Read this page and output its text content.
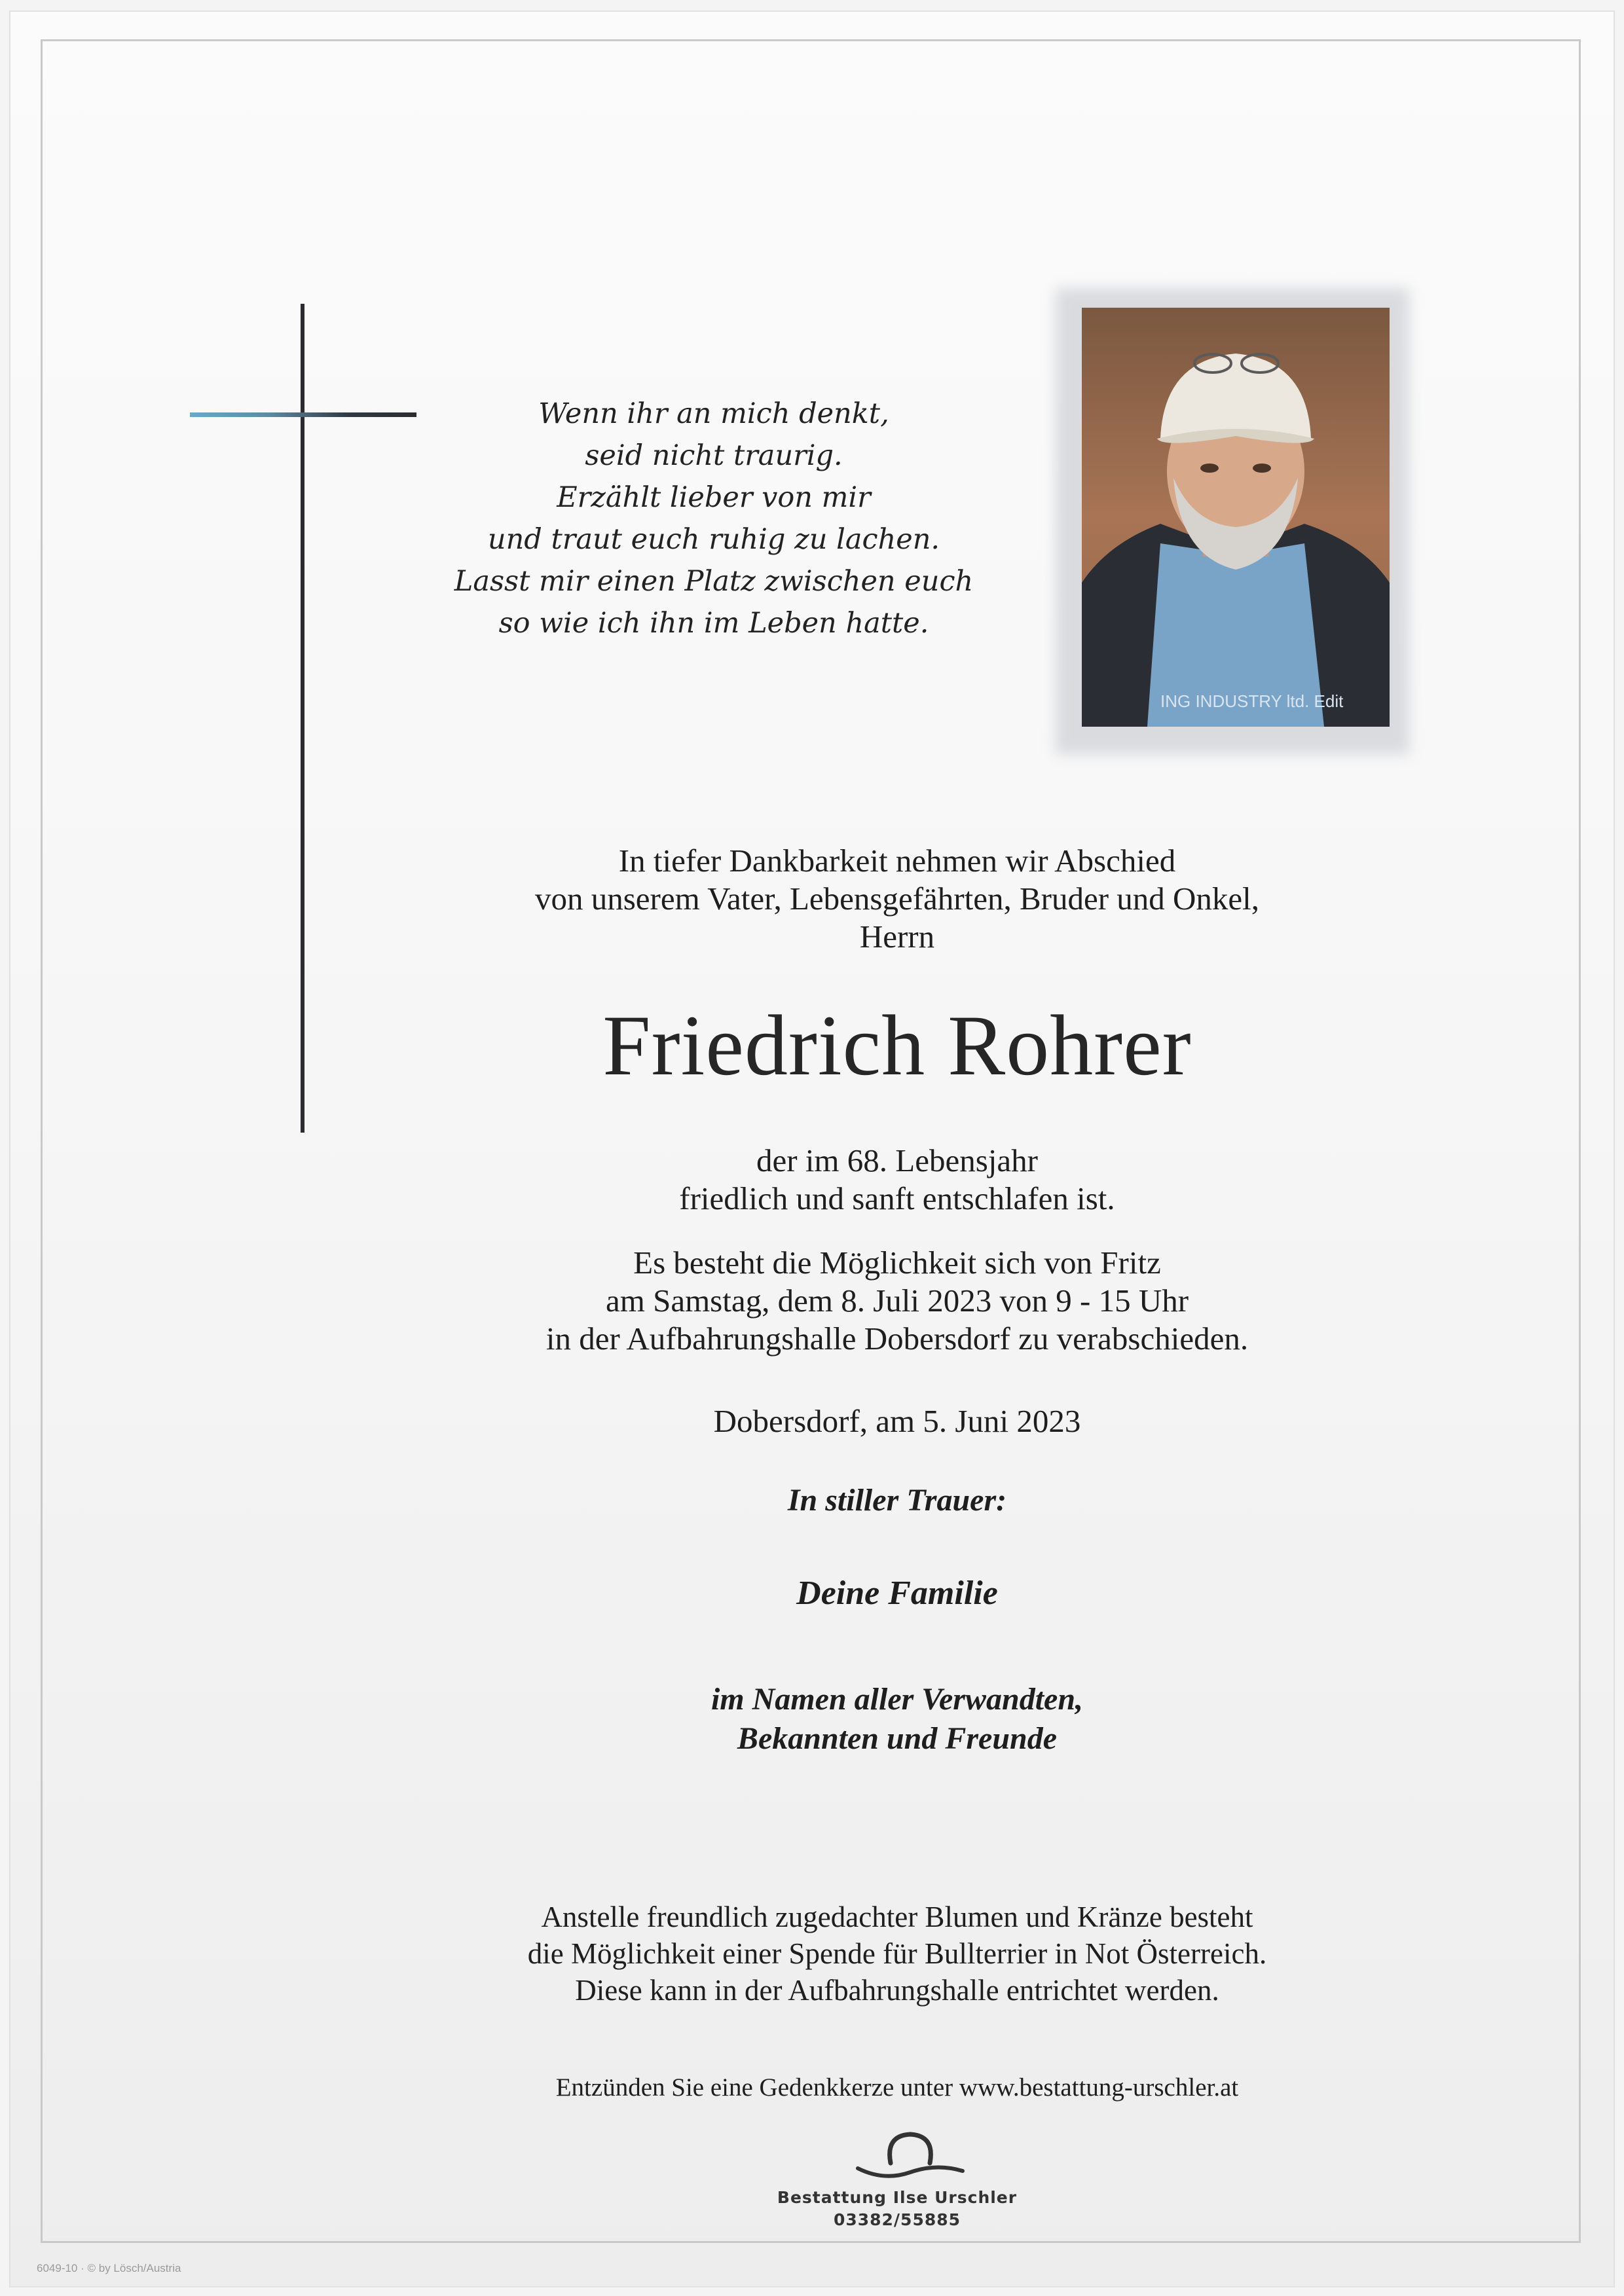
Wenn ihr an mich denkt,
seid nicht traurig.
Erzählt lieber von mir
und traut euch ruhig zu lachen.
Lasst mir einen Platz zwischen euch
so wie ich ihn im Leben hatte.
ING INDUSTRY ltd. Edit
In tiefer Dankbarkeit nehmen wir Abschied
von unserem Vater, Lebensgefährten, Bruder und Onkel,
Herrn
Friedrich Rohrer
der im 68. Lebensjahr
friedlich und sanft entschlafen ist.
Es besteht die Möglichkeit sich von Fritz
am Samstag, dem 8. Juli 2023 von 9 - 15 Uhr
in der Aufbahrungshalle Dobersdorf zu verabschieden.
Dobersdorf, am 5. Juni 2023
In stiller Trauer:
Deine Familie
im Namen aller Verwandten,
Bekannten und Freunde
Anstelle freundlich zugedachter Blumen und Kränze besteht
die Möglichkeit einer Spende für Bullterrier in Not Österreich.
Diese kann in der Aufbahrungshalle entrichtet werden.
Entzünden Sie eine Gedenkkerze unter www.bestattung-urschler.at
Bestattung Ilse Urschler
03382/55885
6049-10 · © by Lösch/Austria
